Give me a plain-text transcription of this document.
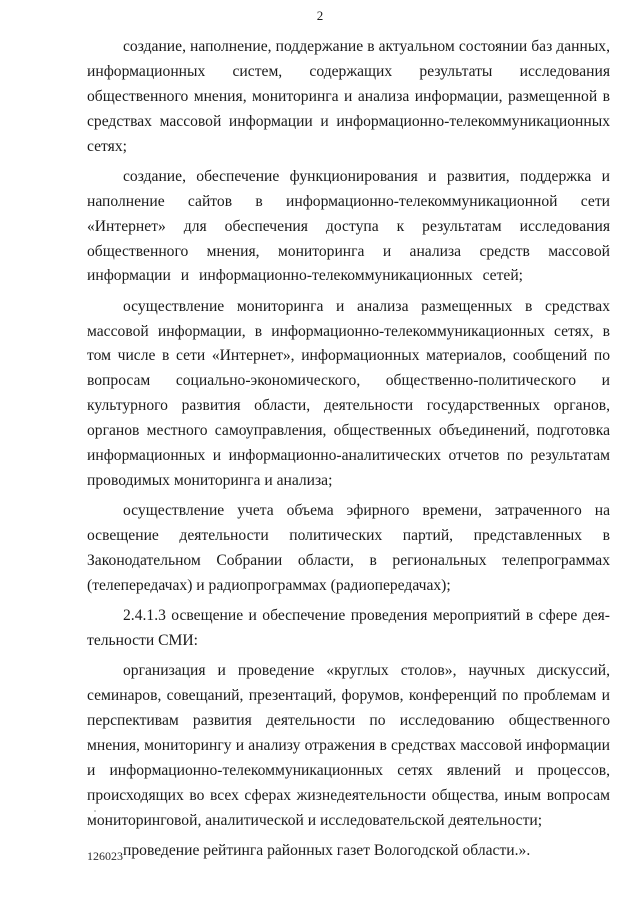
2

создание, наполнение, поддержание в актуальном состоянии баз данных, информационных систем, содержащих результаты исследования общественного мнения, мониторинга и анализа информации, размещенной в средствах массовой информации и информационно-телекоммуникационных сетях;

создание, обеспечение функционирования и развития, поддержка и наполнение сайтов в информационно-телекоммуникационной сети «Интернет» для обеспечения доступа к результатам исследования общественного мнения, мониторинга и анализа средств массовой информации и информационно-телекоммуникационных сетей;

осуществление мониторинга и анализа размещенных в средствах массовой информации, в информационно-телекоммуникационных сетях, в том числе в сети «Интернет», информационных материалов, сообщений по вопросам социально-экономического, общественно-политического и культурного развития области, деятельности государственных органов, органов местного самоуправления, общественных объединений, подготовка информационных и информационно-аналитических отчетов по результатам проводимых мониторинга и анализа;

осуществление учета объема эфирного времени, затраченного на освещение деятельности политических партий, представленных в Законодательном Собрании области, в региональных телепрограммах (телепередачах) и радиопрограммах (радиопередачах);

2.4.1.3 освещение и обеспечение проведения мероприятий в сфере деятельности СМИ:

организация и проведение «круглых столов», научных дискуссий, семинаров, совещаний, презентаций, форумов, конференций по проблемам и перспективам развития деятельности по исследованию общественного мнения, мониторингу и анализу отражения в средствах массовой информации и информационно-телекоммуникационных сетях явлений и процессов, происходящих во всех сферах жизнедеятельности общества, иным вопросам мониторинговой, аналитической и исследовательской деятельности;

проведение рейтинга районных газет Вологодской области.».

126023
